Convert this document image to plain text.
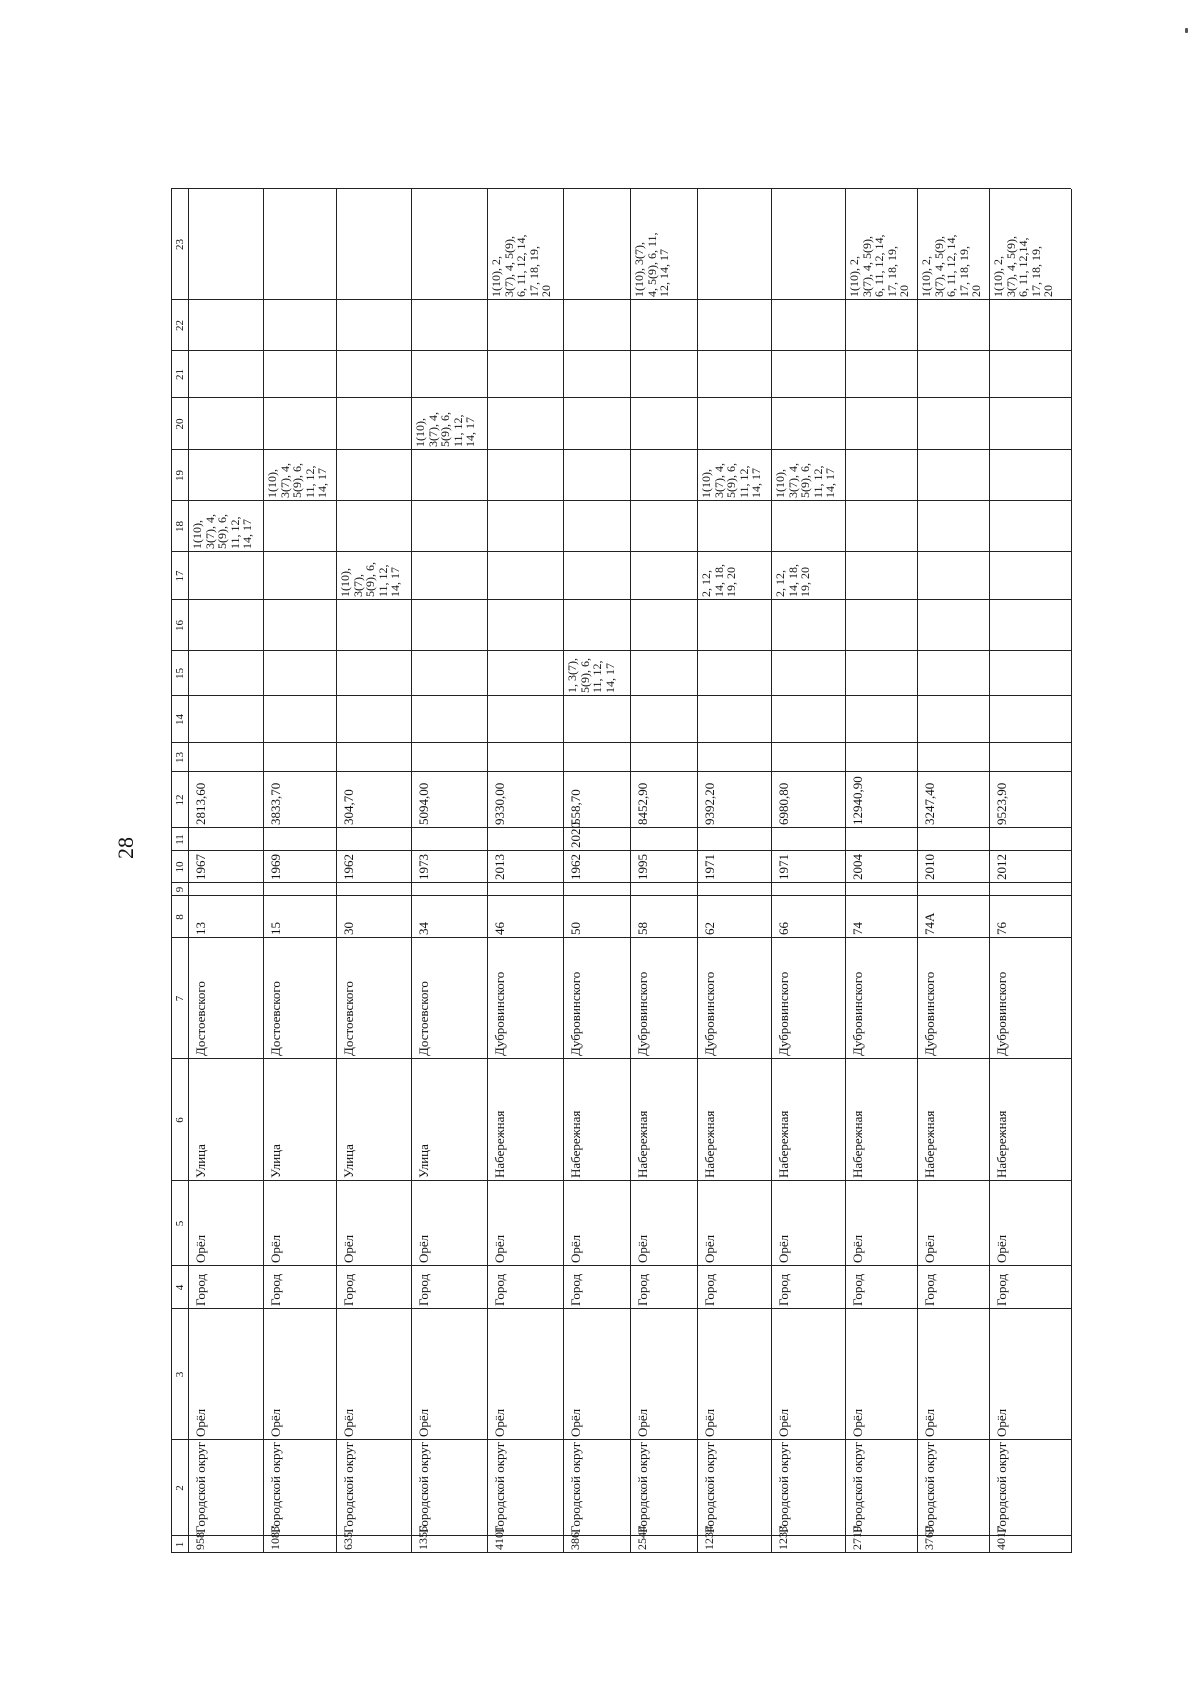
28
1
2
3
4
5
6
7
8
9
10
11
12
13
14
15
16
17
18
19
20
21
22
23
958
Городской округ
Орёл
Город
Орёл
Улица
Достоевского
13
1967
2813,60
1(10),
3(7), 4,
5(9), 6,
11, 12,
14, 17
1083
Городской округ
Орёл
Город
Орёл
Улица
Достоевского
15
1969
3833,70
1(10),
3(7), 4,
5(9), 6,
11, 12,
14, 17
635
Городской округ
Орёл
Город
Орёл
Улица
Достоевского
30
1962
304,70
1(10),
3(7),
5(9), 6,
11, 12,
14, 17
1356
Городской округ
Орёл
Город
Орёл
Улица
Достоевского
34
1973
5094,00
1(10),
3(7), 4,
5(9), 6,
11, 12,
14, 17
4101
Городской округ
Орёл
Город
Орёл
Набережная
Дубровинского
46
2013
9330,00
1(10), 2,
3(7), 4, 5(9),
6, 11, 12, 14,
17, 18, 19,
20
386
Городской округ
Орёл
Город
Орёл
Набережная
Дубровинского
50
1962
2020
558,70
1, 3(7),
5(9), 6,
11, 12,
14, 17
2544
Городской округ
Орёл
Город
Орёл
Набережная
Дубровинского
58
1995
8452,90
1(10), 3(7),
4, 5(9), 6, 11,
12, 14, 17
1234
Городской округ
Орёл
Город
Орёл
Набережная
Дубровинского
62
1971
9392,20
2, 12,
14, 18,
19, 20
1(10),
3(7), 4,
5(9), 6,
11, 12,
14, 17
1233
Городской округ
Орёл
Город
Орёл
Набережная
Дубровинского
66
1971
6980,80
2, 12,
14, 18,
19, 20
1(10),
3(7), 4,
5(9), 6,
11, 12,
14, 17
2719
Городской округ
Орёл
Город
Орёл
Набережная
Дубровинского
74
2004
12940,90
1(10), 2,
3(7), 4, 5(9),
6, 11, 12, 14,
17, 18, 19,
20
3769
Городской округ
Орёл
Город
Орёл
Набережная
Дубровинского
74А
2010
3247,40
1(10), 2,
3(7), 4, 5(9),
6, 11, 12, 14,
17, 18, 19,
20
4017
Городской округ
Орёл
Город
Орёл
Набережная
Дубровинского
76
2012
9523,90
1(10), 2,
3(7), 4, 5(9),
6, 11, 12,14,
17, 18, 19,
20
